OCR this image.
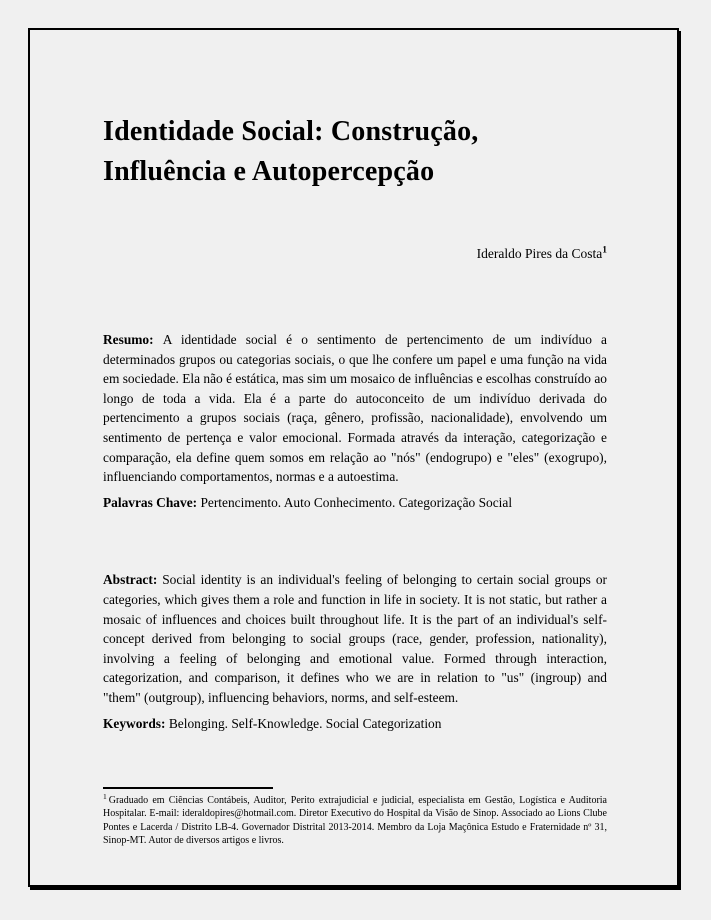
Identidade Social: Construção, Influência e Autopercepção
Ideraldo Pires da Costa$^1$

Resumo: A identidade social é o sentimento de pertencimento de um indivíduo a determinados grupos ou categorias sociais, o que lhe confere um papel e uma função na vida em sociedade. Ela não é estática, mas sim um mosaico de influências e escolhas construído ao longo de toda a vida. Ela é a parte do autoconceito de um indivíduo derivada do pertencimento a grupos sociais (raça, gênero, profissão, nacionalidade), envolvendo um sentimento de pertença e valor emocional. Formada através da interação, categorização e comparação, ela define quem somos em relação ao "nós" (endogrupo) e "eles" (exogrupo), influenciando comportamentos, normas e a autoestima.

Palavras Chave: Pertencimento. Auto Conhecimento. Categorização Social

Abstract: Social identity is an individual's feeling of belonging to certain social groups or categories, which gives them a role and function in life in society. It is not static, but rather a mosaic of influences and choices built throughout life. It is the part of an individual's self-concept derived from belonging to social groups (race, gender, profession, nationality), involving a feeling of belonging and emotional value. Formed through interaction, categorization, and comparison, it defines who we are in relation to "us" (ingroup) and "them" (outgroup), influencing behaviors, norms, and self-esteem.

Keywords: Belonging. Self-Knowledge. Social Categorization

$^1$ Graduado em Ciências Contábeis, Auditor, Perito extrajudicial e judicial, especialista em Gestão, Logística e Auditoria Hospitalar. E-mail: ideraldopires@hotmail.com. Diretor Executivo do Hospital da Visão de Sinop. Associado ao Lions Clube Pontes e Lacerda / Distrito LB-4. Governador Distrital 2013-2014. Membro da Loja Maçônica Estudo e Fraternidade nº 31, Sinop-MT. Autor de diversos artigos e livros.
